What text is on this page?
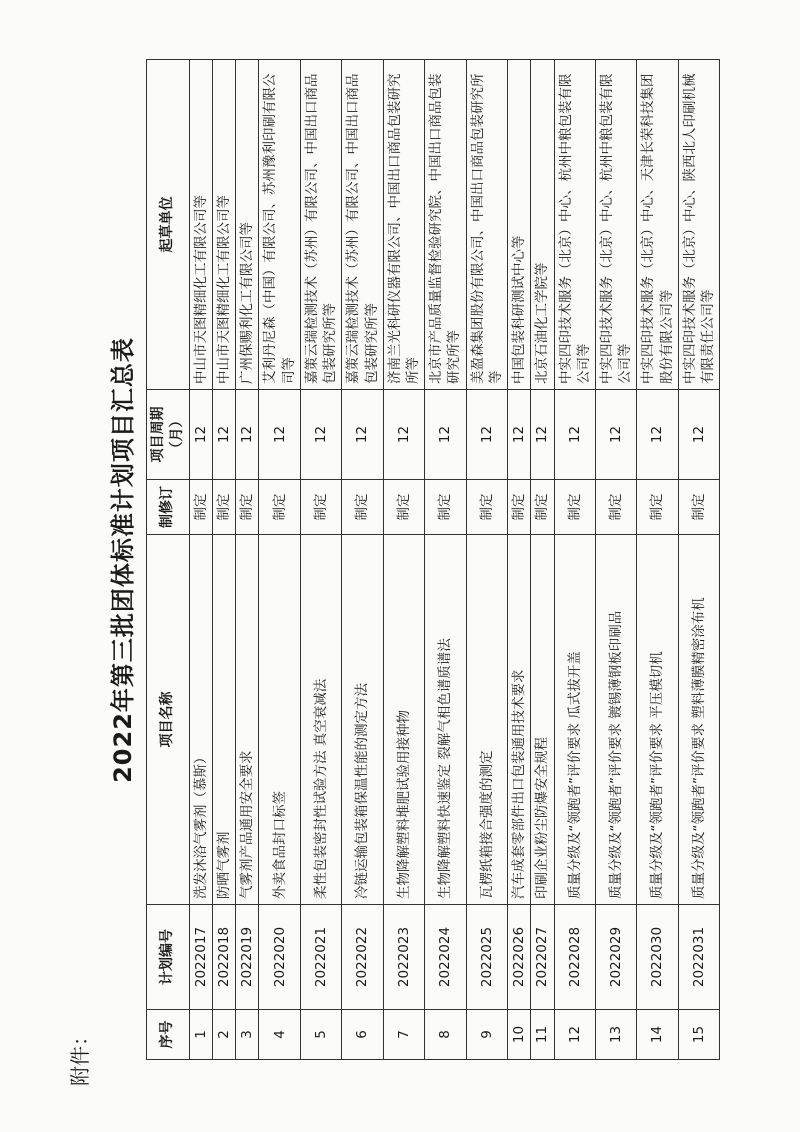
附件：
2022年第三批团体标准计划项目汇总表
序号	计划编号	项目名称	制修订	项目周期（月）	起草单位
1	2022017	洗发沐浴气雾剂（慕斯）	制定	12	中山市天图精细化工有限公司等
2	2022018	防晒气雾剂	制定	12	中山市天图精细化工有限公司等
3	2022019	气雾剂产品通用安全要求	制定	12	广州保赐利化工有限公司等
4	2022020	外卖食品封口标签	制定	12	艾利丹尼森（中国）有限公司、苏州豫利印刷有限公司等
5	2022021	柔性包装密封性试验方法 真空衰减法	制定	12	嘉策云瑞检测技术（苏州）有限公司、中国出口商品包装研究所等
6	2022022	冷链运输包装箱保温性能的测定方法	制定	12	嘉策云瑞检测技术（苏州）有限公司、中国出口商品包装研究所等
7	2022023	生物降解塑料堆肥试验用接种物	制定	12	济南兰光科研仪器有限公司、中国出口商品包装研究所等
8	2022024	生物降解塑料快速鉴定 裂解气相色谱质谱法	制定	12	北京市产品质量监督检验研究院、中国出口商品包装研究所等
9	2022025	瓦楞纸箱接合强度的测定	制定	12	美盈森集团股份有限公司、中国出口商品包装研究所等
10	2022026	汽车成套零部件出口包装通用技术要求	制定	12	中国包装科研测试中心等
11	2022027	印刷企业粉尘防爆安全规程	制定	12	北京石油化工学院等
12	2022028	质量分级及“领跑者”评价要求 瓜式拔开盖	制定	12	中实四印技术服务（北京）中心、杭州中粮包装有限公司等
13	2022029	质量分级及“领跑者”评价要求 镀锡薄钢板印刷品	制定	12	中实四印技术服务（北京）中心、杭州中粮包装有限公司等
14	2022030	质量分级及“领跑者”评价要求 平压模切机	制定	12	中实四印技术服务（北京）中心、天津长荣科技集团股份有限公司等
15	2022031	质量分级及“领跑者”评价要求 塑料薄膜精密涂布机	制定	12	中实四印技术服务（北京）中心、陕西北人印刷机械有限责任公司等
